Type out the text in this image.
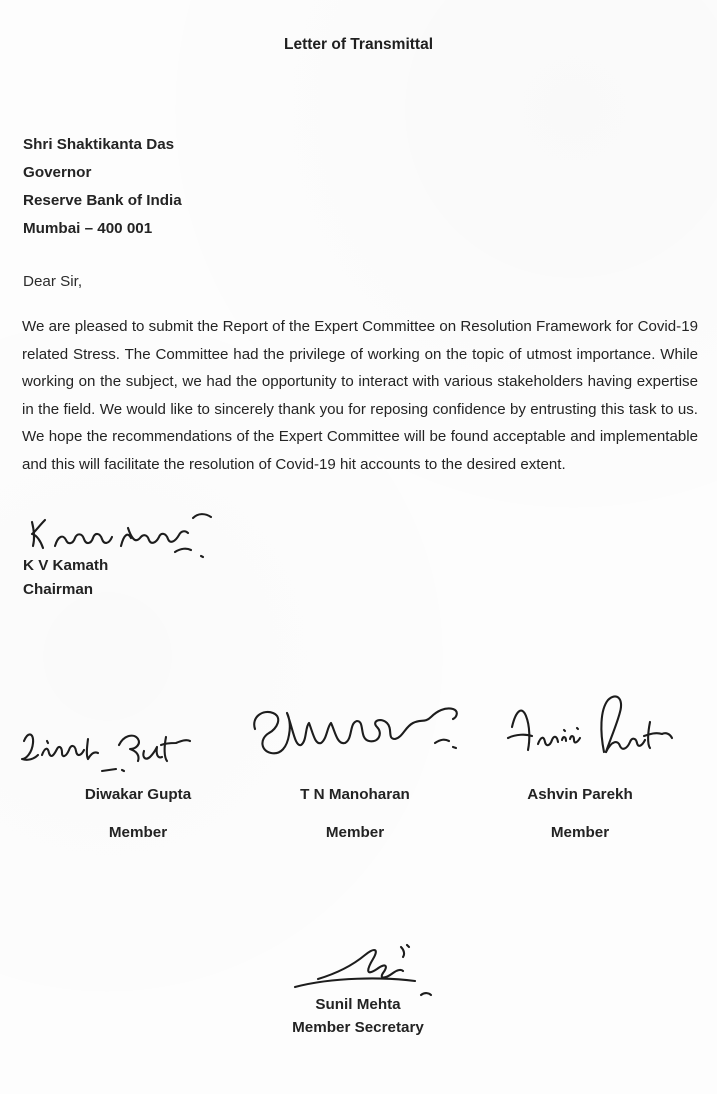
Letter of Transmittal
Shri Shaktikanta Das
Governor
Reserve Bank of India
Mumbai – 400 001
Dear Sir,
We are pleased to submit the Report of the Expert Committee on Resolution Framework for Covid-19 related Stress. The Committee had the privilege of working on the topic of utmost importance. While working on the subject, we had the opportunity to interact with various stakeholders having expertise in the field. We would like to sincerely thank you for reposing confidence by entrusting this task to us. We hope the recommendations of the Expert Committee will be found acceptable and implementable and this will facilitate the resolution of Covid-19 hit accounts to the desired extent.
K V Kamath
Chairman
Diwakar Gupta	T N Manoharan	Ashvin Parekh
Member	Member	Member
Sunil Mehta
Member Secretary
